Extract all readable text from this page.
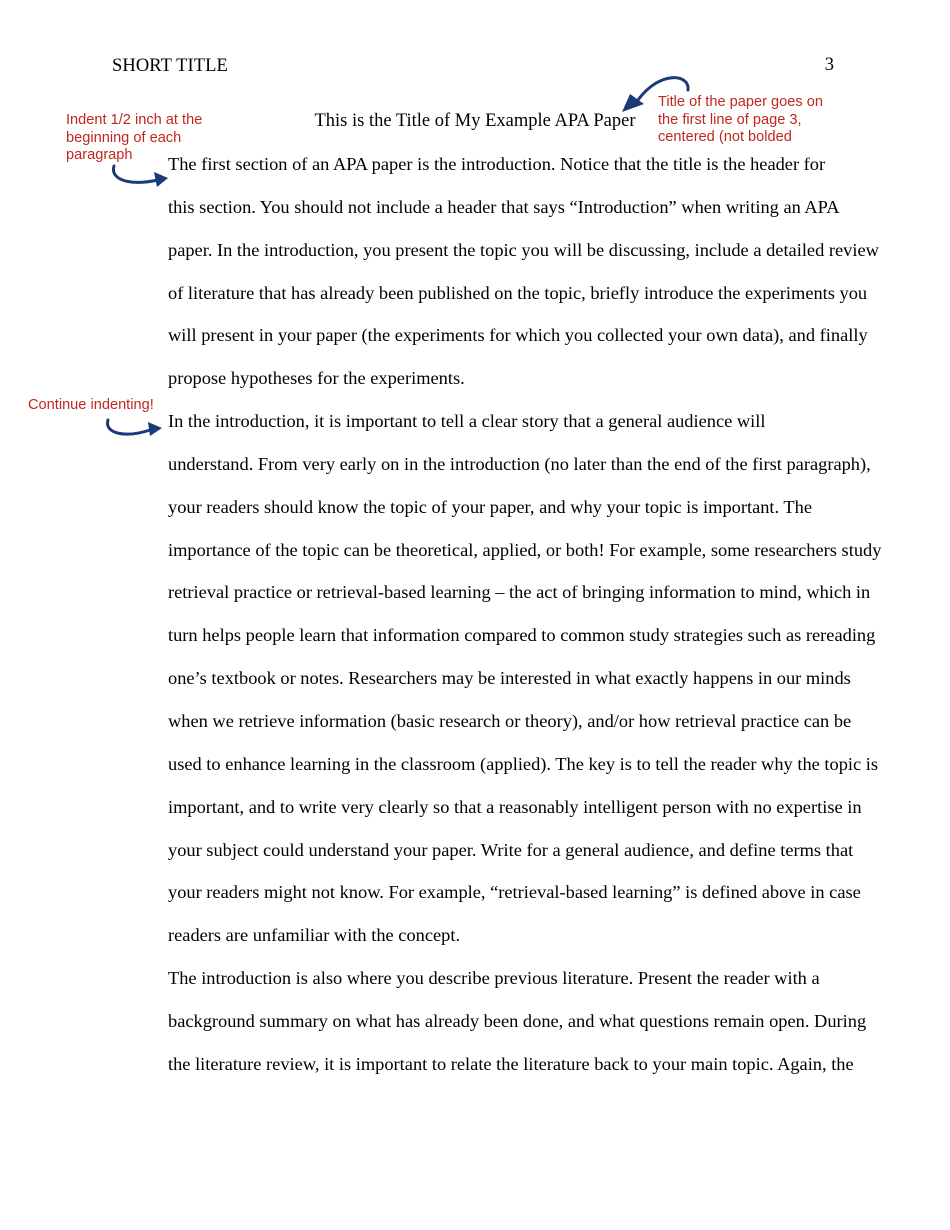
SHORT TITLE	3
This is the Title of My Example APA Paper

The first section of an APA paper is the introduction. Notice that the title is the header for
this section. You should not include a header that says “Introduction” when writing an APA
paper. In the introduction, you present the topic you will be discussing, include a detailed review
of literature that has already been published on the topic, briefly introduce the experiments you
will present in your paper (the experiments for which you collected your own data), and finally
propose hypotheses for the experiments.

In the introduction, it is important to tell a clear story that a general audience will
understand. From very early on in the introduction (no later than the end of the first paragraph),
your readers should know the topic of your paper, and why your topic is important. The
importance of the topic can be theoretical, applied, or both! For example, some researchers study
retrieval practice or retrieval-based learning – the act of bringing information to mind, which in
turn helps people learn that information compared to common study strategies such as rereading
one’s textbook or notes. Researchers may be interested in what exactly happens in our minds
when we retrieve information (basic research or theory), and/or how retrieval practice can be
used to enhance learning in the classroom (applied). The key is to tell the reader why the topic is
important, and to write very clearly so that a reasonably intelligent person with no expertise in
your subject could understand your paper. Write for a general audience, and define terms that
your readers might not know. For example, “retrieval-based learning” is defined above in case
readers are unfamiliar with the concept.

The introduction is also where you describe previous literature. Present the reader with a
background summary on what has already been done, and what questions remain open. During
the literature review, it is important to relate the literature back to your main topic. Again, the

Indent 1/2 inch at the
beginning of each
paragraph
Title of the paper goes on
the first line of page 3,
centered (not bolded
Continue indenting!
